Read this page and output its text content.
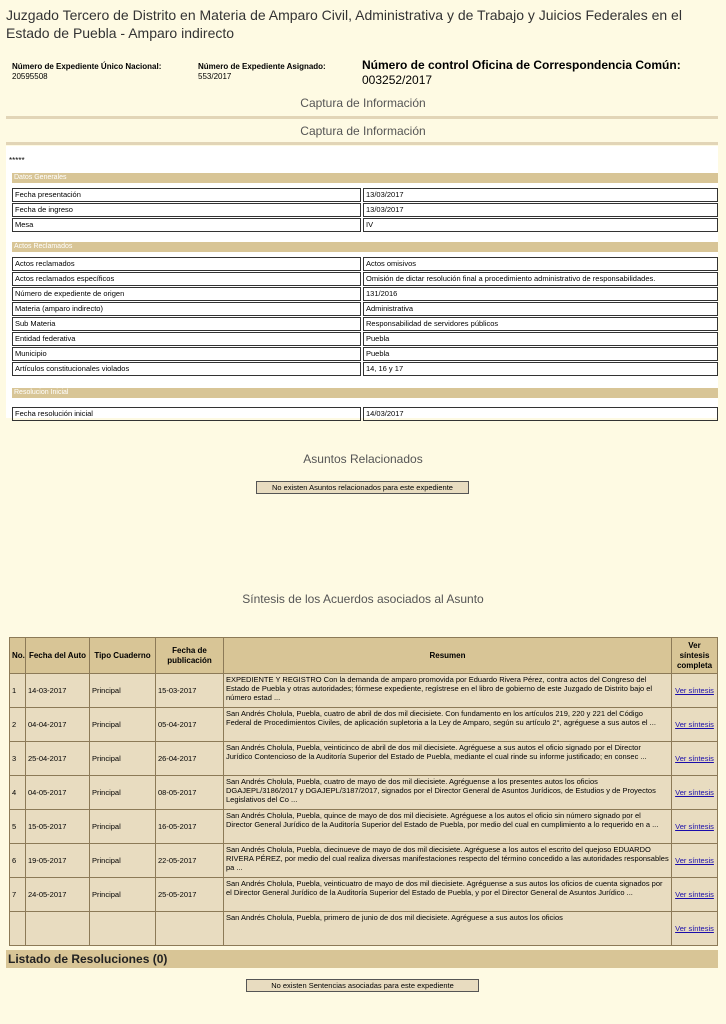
Juzgado Tercero de Distrito en Materia de Amparo Civil, Administrativa y de Trabajo y Juicios Federales en el Estado de Puebla - Amparo indirecto
Número de Expediente Único Nacional:
20595508
Número de Expediente Asignado:
553/2017
Número de control Oficina de Correspondencia Común:
003252/2017
Captura de Información
Captura de Información
*****
Datos Generales
Fecha presentación	13/03/2017
Fecha de ingreso	13/03/2017
Mesa	IV
Actos Reclamados
Actos reclamados	Actos omisivos
Actos reclamados específicos	Omisión de dictar resolución final a procedimiento administrativo de responsabilidades.
Número de expediente de origen	131/2016
Materia (amparo indirecto)	Administrativa
Sub Materia	Responsabilidad de servidores públicos
Entidad federativa	Puebla
Municipio	Puebla
Artículos constitucionales violados	14, 16 y 17
Resolucion Inicial
Fecha resolución inicial	14/03/2017
Asuntos Relacionados
No existen Asuntos relacionados para este expediente
Síntesis de los Acuerdos asociados al Asunto
No.	Fecha del Auto	Tipo Cuaderno	Fecha de publicación	Resumen	Ver síntesis completa
1	14-03-2017	Principal	15-03-2017	EXPEDIENTE Y REGISTRO Con la demanda de amparo promovida por Eduardo Rivera Pérez, contra actos del Congreso del Estado de Puebla y otras autoridades; fórmese expediente, regístrese en el libro de gobierno de este Juzgado de Distrito bajo el número estad ...	Ver síntesis
2	04-04-2017	Principal	05-04-2017	San Andrés Cholula, Puebla, cuatro de abril de dos mil diecisiete. Con fundamento en los artículos 219, 220 y 221 del Código Federal de Procedimientos Civiles, de aplicación supletoria a la Ley de Amparo, según su artículo 2°, agréguese a sus autos el ...	Ver síntesis
3	25-04-2017	Principal	26-04-2017	San Andrés Cholula, Puebla, veinticinco de abril de dos mil diecisiete. Agréguese a sus autos el oficio signado por el Director Jurídico Contencioso de la Auditoría Superior del Estado de Puebla, mediante el cual rinde su informe justificado; en consec ...	Ver síntesis
4	04-05-2017	Principal	08-05-2017	San Andrés Cholula, Puebla, cuatro de mayo de dos mil diecisiete. Agréguense a los presentes autos los oficios DGAJEPL/3186/2017 y DGAJEPL/3187/2017, signados por el Director General de Asuntos Jurídicos, de Estudios y de Proyectos Legislativos del Co ...	Ver síntesis
5	15-05-2017	Principal	16-05-2017	San Andrés Cholula, Puebla, quince de mayo de dos mil diecisiete. Agréguese a los autos el oficio sin número signado por el Director General Jurídico de la Auditoría Superior del Estado de Puebla, por medio del cual en cumplimiento a lo requerido en a ...	Ver síntesis
6	19-05-2017	Principal	22-05-2017	San Andrés Cholula, Puebla, diecinueve de mayo de dos mil diecisiete. Agréguese a los autos el escrito del quejoso EDUARDO RIVERA PÉREZ, por medio del cual realiza diversas manifestaciones respecto del término concedido a las autoridades responsables pa ...	Ver síntesis
7	24-05-2017	Principal	25-05-2017	San Andrés Cholula, Puebla, veinticuatro de mayo de dos mil diecisiete. Agréguense a sus autos los oficios de cuenta signados por el Director General Jurídico de la Auditoría Superior del Estado de Puebla, y por el Director General de Asuntos Jurídico ...	Ver síntesis
				San Andrés Cholula, Puebla, primero de junio de dos mil diecisiete. Agréguese a sus autos los oficios	Ver síntesis
Listado de Resoluciones (0)
No existen Sentencias asociadas para este expediente
